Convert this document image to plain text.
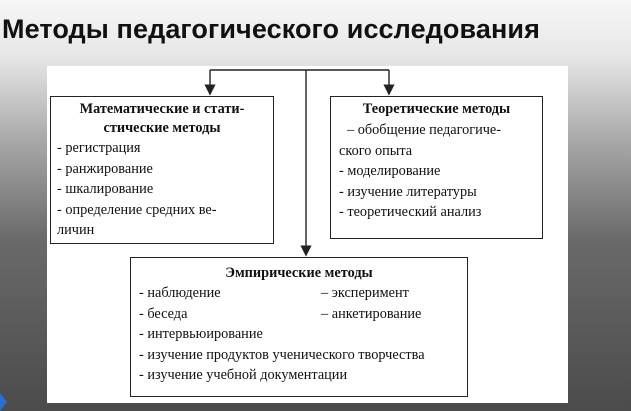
Методы педагогического исследования
Математические и стати-
стические методы
- регистрация
- ранжирование
- шкалирование
- определение средних ве-
личин
Теоретические методы
– обобщение педагогиче-
ского опыта
- моделирование
- изучение литературы
- теоретический анализ
Эмпирические методы
- наблюдение	– эксперимент
- беседа	– анкетирование
- интервьюирование
- изучение продуктов ученического творчества
- изучение учебной документации
